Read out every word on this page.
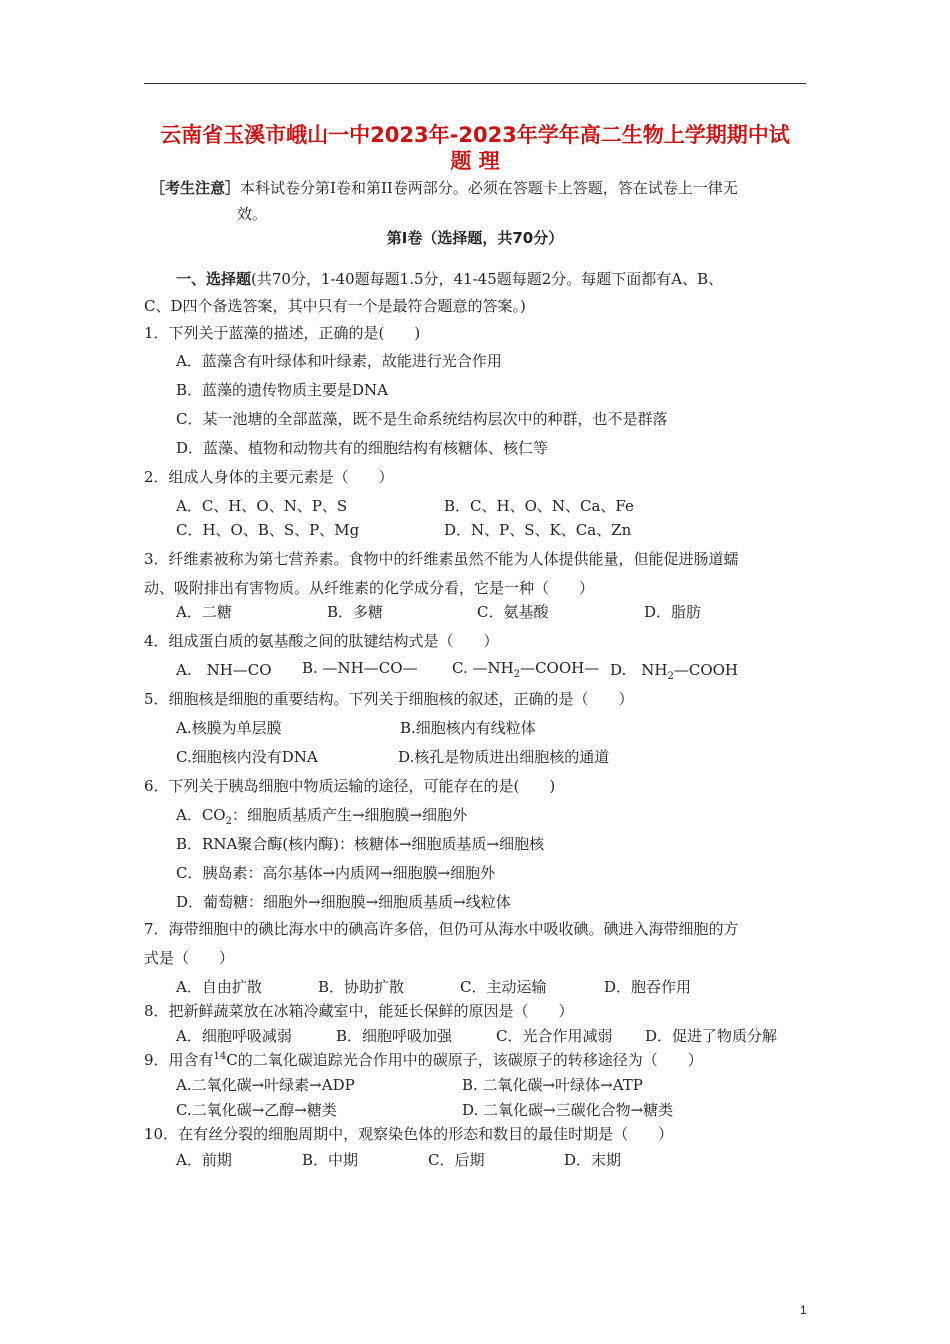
云南省玉溪市峨山一中2023年-2023年学年高二生物上学期期中试
题 理
［考生注意］本科试卷分第I卷和第II卷两部分。必须在答题卡上答题，答在试卷上一律无
效。
第I卷（选择题，共70分）
一、选择题(共70分，1-40题每题1.5分，41-45题每题2分。每题下面都有A、B、
C、D四个备选答案，其中只有一个是最符合题意的答案。)
1．下列关于蓝藻的描述，正确的是(　　)
A．蓝藻含有叶绿体和叶绿素，故能进行光合作用
B．蓝藻的遗传物质主要是DNA
C．某一池塘的全部蓝藻，既不是生命系统结构层次中的种群，也不是群落
D．蓝藻、植物和动物共有的细胞结构有核糖体、核仁等
2．组成人身体的主要元素是（　　）
A．C、H、O、N、P、S	B．C、H、O、N、Ca、Fe
C．H、O、B、S、P、Mg	D．N、P、S、K、Ca、Zn
3．纤维素被称为第七营养素。食物中的纤维素虽然不能为人体提供能量，但能促进肠道蠕
动、吸附排出有害物质。从纤维素的化学成分看，它是一种（　　）
A．二糖	B．多糖	C．氨基酸	D．脂肪
4．组成蛋白质的氨基酸之间的肽键结构式是（　　）
A.　NH—CO B. —NH—CO— C. $—NH_2—COOH—$ D.　$NH_2—COOH$
5．细胞核是细胞的重要结构。下列关于细胞核的叙述，正确的是（　　）
A.核膜为单层膜	B.细胞核内有线粒体
C.细胞核内没有DNA	D.核孔是物质进出细胞核的通道
6．下列关于胰岛细胞中物质运输的途径，可能存在的是(　　)
A．$CO_2$：细胞质基质产生→细胞膜→细胞外
B．RNA聚合酶(核内酶)：核糖体→细胞质基质→细胞核
C．胰岛素：高尔基体→内质网→细胞膜→细胞外
D．葡萄糖：细胞外→细胞膜→细胞质基质→线粒体
7．海带细胞中的碘比海水中的碘高许多倍，但仍可从海水中吸收碘。碘进入海带细胞的方
式是（　　）
A．自由扩散	B．协助扩散	C．主动运输	D．胞吞作用
8．把新鲜蔬菜放在冰箱冷藏室中，能延长保鲜的原因是（　　）
A．细胞呼吸减弱	B．细胞呼吸加强	C．光合作用减弱 D．促进了物质分解
9．用含有$^{14}$C的二氧化碳追踪光合作用中的碳原子，该碳原子的转移途径为（　　）
A.二氧化碳→叶绿素→ADP	B. 二氧化碳→叶绿体→ATP
C.二氧化碳→乙醇→糖类	D. 二氧化碳→三碳化合物→糖类
10．在有丝分裂的细胞周期中，观察染色体的形态和数目的最佳时期是（　　）
A．前期	B．中期	C．后期	D．末期
1
